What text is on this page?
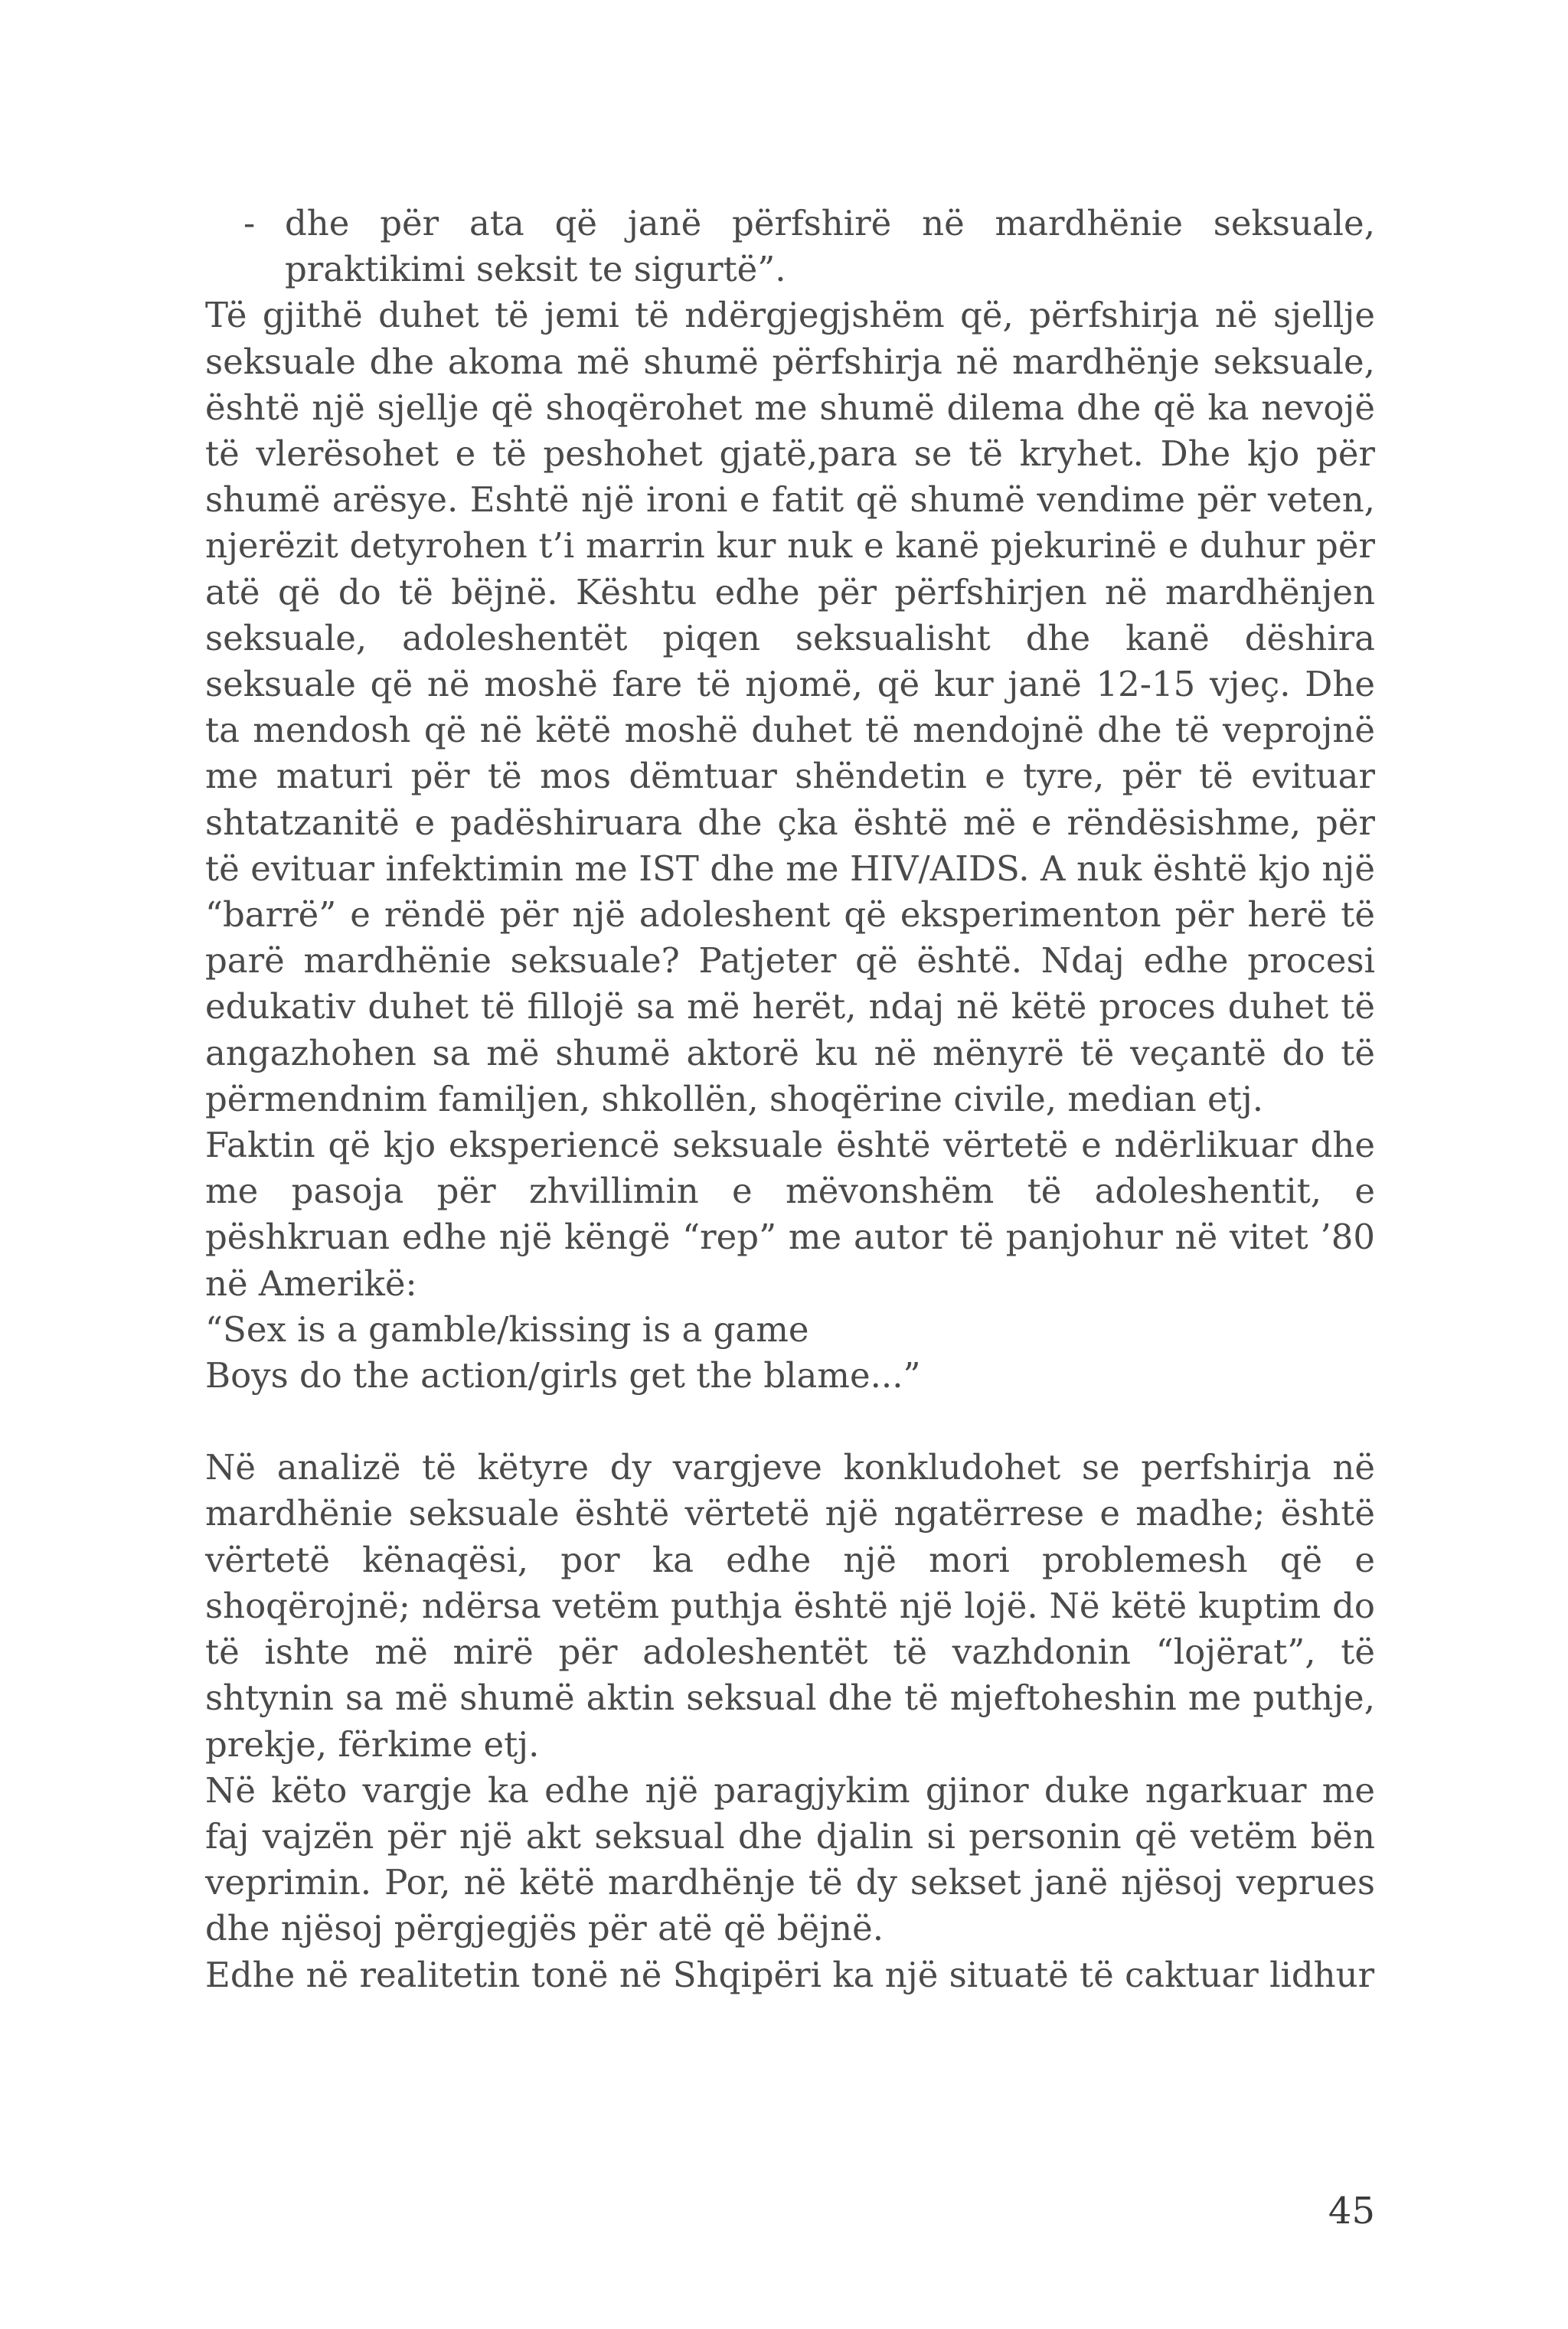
- dhe për ata që janë përfshirë në mardhënie seksuale, praktikimi seksit te sigurtë”.

Të gjithë duhet të jemi të ndërgjegjshëm që, përfshirja në sjellje seksuale dhe akoma më shumë përfshirja në mardhënje seksuale, është një sjellje që shoqërohet me shumë dilema dhe që ka nevojë të vlerësohet e të peshohet gjatë,para se të kryhet. Dhe kjo për shumë arësye. Eshtë një ironi e fatit që shumë vendime për veten, njerëzit detyrohen t’i marrin kur nuk e kanë pjekurinë e duhur për atë që do të bëjnë. Kështu edhe për përfshirjen në mardhënjen seksuale, adoleshentët piqen seksualisht dhe kanë dëshira seksuale që në moshë fare të njomë, që kur janë 12-15 vjeç. Dhe ta mendosh që në këtë moshë duhet të mendojnë dhe të veprojnë me maturi për të mos dëmtuar shëndetin e tyre, për të evituar shtatzanitë e padëshiruara dhe çka është më e rëndësishme, për të evituar infektimin me IST dhe me HIV/AIDS. A nuk është kjo një “barrë” e rëndë për një adoleshent që eksperimenton për herë të parë mardhënie seksuale? Patjeter që është. Ndaj edhe procesi edukativ duhet të fillojë sa më herët, ndaj në këtë proces duhet të angazhohen sa më shumë aktorë ku në mënyrë të veçantë do të përmendnim familjen, shkollën, shoqërine civile, median etj.

Faktin që kjo eksperiencë seksuale është vërtetë e ndërlikuar dhe me pasoja për zhvillimin e mëvonshëm të adoleshentit, e pëshkruan edhe një këngë “rep” me autor të panjohur në vitet ’80 në Amerikë:

“Sex is a gamble/kissing is a game

Boys do the action/girls get the blame...”

Në analizë të këtyre dy vargjeve konkludohet se perfshirja në mardhënie seksuale është vërtetë një ngatërrese e madhe; është vërtetë kënaqësi, por ka edhe një mori problemesh që e shoqërojnë; ndërsa vetëm puthja është një lojë. Në këtë kuptim do të ishte më mirë për adoleshentët të vazhdonin “lojërat”, të shtynin sa më shumë aktin seksual dhe të mjeftoheshin me puthje, prekje, fërkime etj.

Në këto vargje ka edhe një paragjykim gjinor duke ngarkuar me faj vajzën për një akt seksual dhe djalin si personin që vetëm bën veprimin. Por, në këtë mardhënje të dy sekset janë njësoj veprues dhe njësoj përgjegjës për atë që bëjnë.

Edhe në realitetin tonë në Shqipëri ka një situatë të caktuar lidhur

45
